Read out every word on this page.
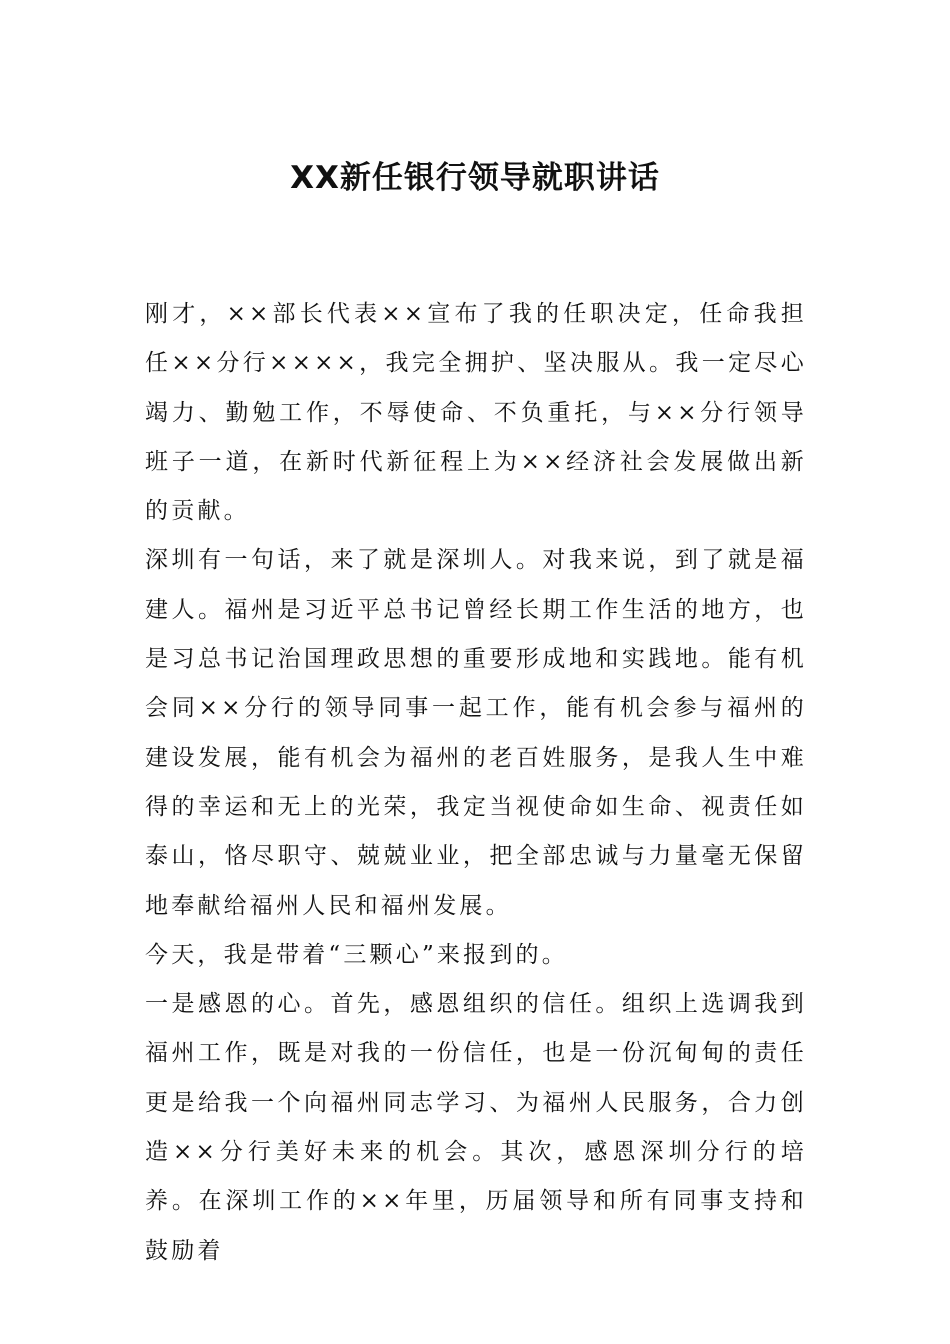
XX新任银行领导就职讲话

刚才，××部长代表××宣布了我的任职决定，任命我担任××分行××××，我完全拥护、坚决服从。我一定尽心竭力、勤勉工作，不辱使命、不负重托，与××分行领导班子一道，在新时代新征程上为××经济社会发展做出新的贡献。

深圳有一句话，来了就是深圳人。对我来说，到了就是福建人。福州是习近平总书记曾经长期工作生活的地方，也是习总书记治国理政思想的重要形成地和实践地。能有机会同××分行的领导同事一起工作，能有机会参与福州的建设发展，能有机会为福州的老百姓服务，是我人生中难得的幸运和无上的光荣，我定当视使命如生命、视责任如泰山，恪尽职守、兢兢业业，把全部忠诚与力量毫无保留地奉献给福州人民和福州发展。

今天，我是带着“三颗心”来报到的。

一是感恩的心。首先，感恩组织的信任。组织上选调我到福州工作，既是对我的一份信任，也是一份沉甸甸的责任更是给我一个向福州同志学习、为福州人民服务，合力创造××分行美好未来的机会。其次，感恩深圳分行的培养。在深圳工作的××年里，历届领导和所有同事支持和鼓励着
